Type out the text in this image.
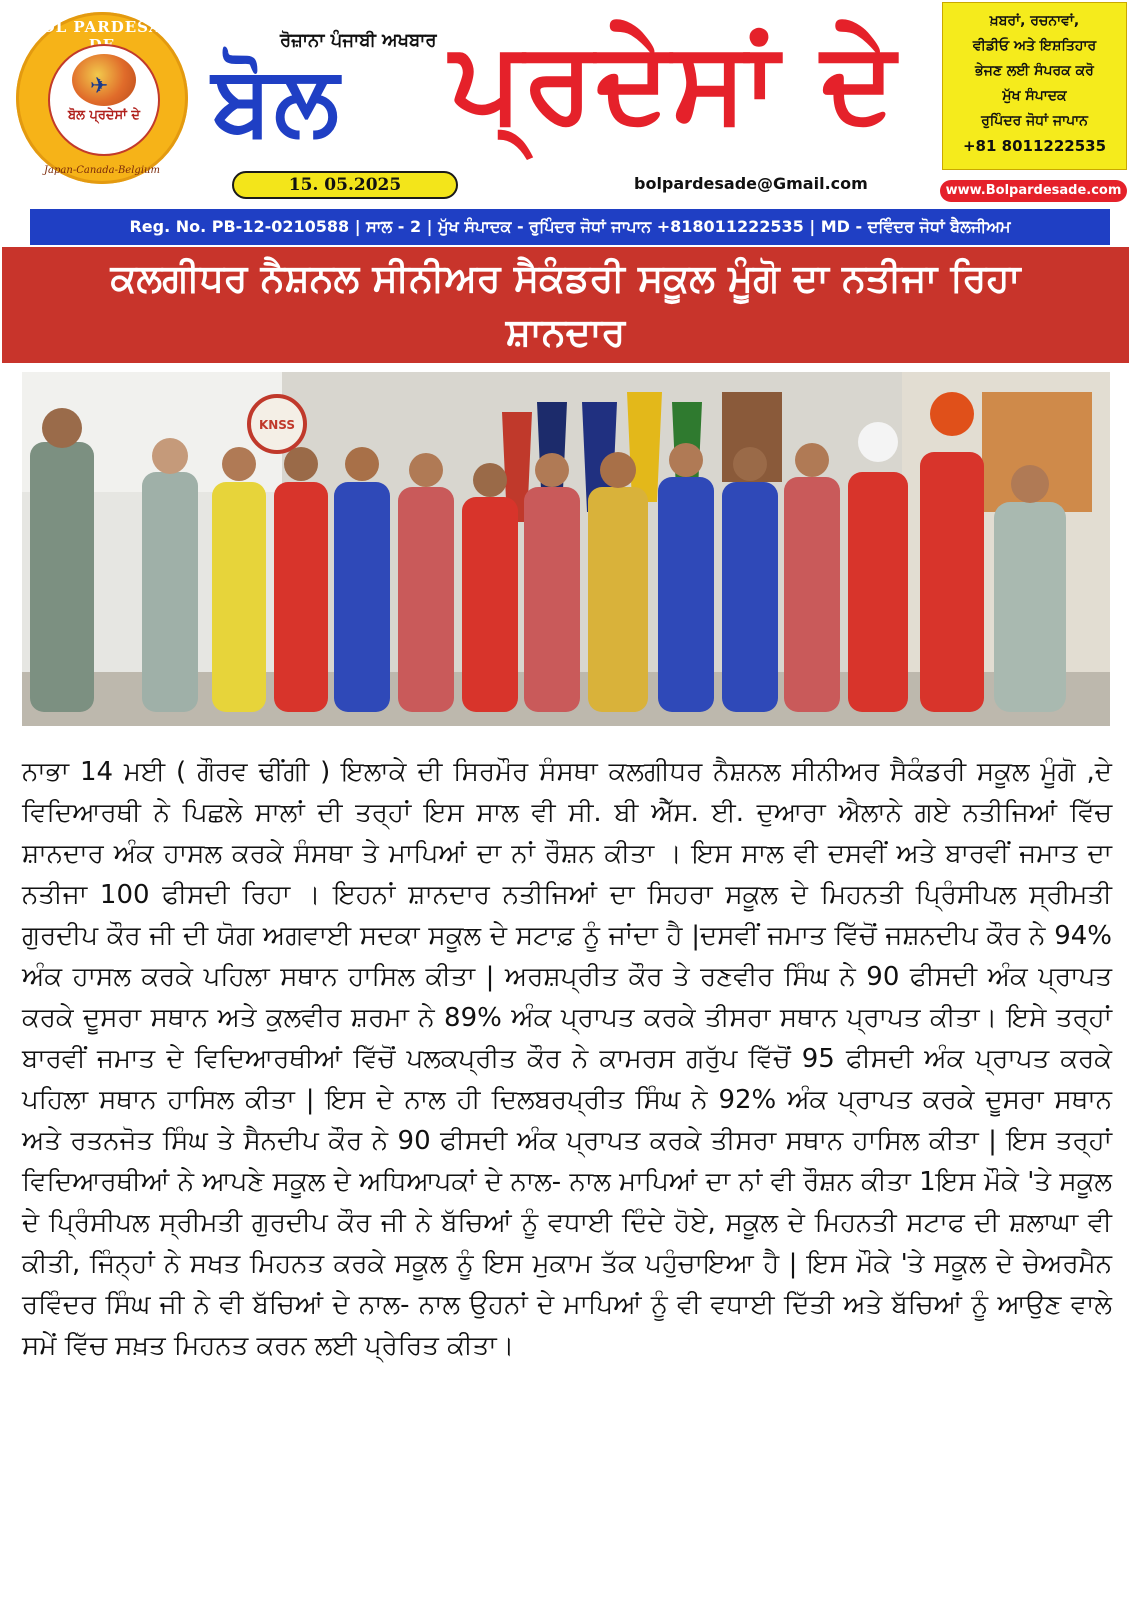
BOL PARDESAN
✈
ਬੋਲ ਪ੍ਰਦੇਸਾਂ ਦੇ
Japan-Canada-Belgium
ਰੋਜ਼ਾਨਾ ਪੰਜਾਬੀ ਅਖਬਾਰ
ਬੋਲ ਪ੍ਰਦੇਸਾਂ ਦੇ
15. 05.2025	bolpardesade@Gmail.com
ਖ਼ਬਰਾਂ, ਰਚਨਾਵਾਂ,
ਵੀਡੀਓ ਅਤੇ ਇਸ਼ਤਿਹਾਰ
ਭੇਜਣ ਲਈ ਸੰਪਰਕ ਕਰੋ
ਮੁੱਖ ਸੰਪਾਦਕ
ਰੁਪਿੰਦਰ ਜੋਧਾਂ ਜਾਪਾਨ
+81 8011222535
www.Bolpardesade.com
Reg. No. PB-12-0210588 | ਸਾਲ - 2 | ਮੁੱਖ ਸੰਪਾਦਕ - ਰੁਪਿੰਦਰ ਜੋਧਾਂ ਜਾਪਾਨ +818011222535 | MD - ਦਵਿੰਦਰ ਜੋਧਾਂ ਬੈਲਜੀਅਮ
ਕਲਗੀਧਰ ਨੈਸ਼ਨਲ ਸੀਨੀਅਰ ਸੈਕੰਡਰੀ ਸਕੂਲ ਮੂੰਗੋ ਦਾ ਨਤੀਜਾ ਰਿਹਾ ਸ਼ਾਨਦਾਰ
KNSS
ਨਾਭਾ 14 ਮਈ ( ਗੌਰਵ ਢੀਂਗੀ ) ਇਲਾਕੇ ਦੀ ਸਿਰਮੌਰ ਸੰਸਥਾ ਕਲਗੀਧਰ ਨੈਸ਼ਨਲ ਸੀਨੀਅਰ ਸੈਕੰਡਰੀ ਸਕੂਲ ਮੂੰਗੋ ,ਦੇ ਵਿਦਿਆਰਥੀ ਨੇ ਪਿਛਲੇ ਸਾਲਾਂ ਦੀ ਤਰ੍ਹਾਂ ਇਸ ਸਾਲ ਵੀ ਸੀ. ਬੀ ਐੱਸ. ਈ. ਦੁਆਰਾ ਐਲਾਨੇ ਗਏ ਨਤੀਜਿਆਂ ਵਿੱਚ ਸ਼ਾਨਦਾਰ ਅੰਕ ਹਾਸਲ ਕਰਕੇ ਸੰਸਥਾ ਤੇ ਮਾਪਿਆਂ ਦਾ ਨਾਂ ਰੌਸ਼ਨ ਕੀਤਾ । ਇਸ ਸਾਲ ਵੀ ਦਸਵੀਂ ਅਤੇ ਬਾਰਵੀਂ ਜਮਾਤ ਦਾ ਨਤੀਜਾ 100 ਫੀਸਦੀ ਰਿਹਾ । ਇਹਨਾਂ ਸ਼ਾਨਦਾਰ ਨਤੀਜਿਆਂ ਦਾ ਸਿਹਰਾ ਸਕੂਲ ਦੇ ਮਿਹਨਤੀ ਪ੍ਰਿੰਸੀਪਲ ਸ੍ਰੀਮਤੀ ਗੁਰਦੀਪ ਕੌਰ ਜੀ ਦੀ ਯੋਗ ਅਗਵਾਈ ਸਦਕਾ ਸਕੂਲ ਦੇ ਸਟਾਫ਼ ਨੂੰ ਜਾਂਦਾ ਹੈ |ਦਸਵੀਂ ਜਮਾਤ ਵਿੱਚੋਂ ਜਸ਼ਨਦੀਪ ਕੌਰ ਨੇ 94% ਅੰਕ ਹਾਸਲ ਕਰਕੇ ਪਹਿਲਾ ਸਥਾਨ ਹਾਸਿਲ ਕੀਤਾ | ਅਰਸ਼ਪ੍ਰੀਤ ਕੌਰ ਤੇ ਰਣਵੀਰ ਸਿੰਘ ਨੇ 90 ਫੀਸਦੀ ਅੰਕ ਪ੍ਰਾਪਤ ਕਰਕੇ ਦੂਸਰਾ ਸਥਾਨ ਅਤੇ ਕੁਲਵੀਰ ਸ਼ਰਮਾ ਨੇ 89% ਅੰਕ ਪ੍ਰਾਪਤ ਕਰਕੇ ਤੀਸਰਾ ਸਥਾਨ ਪ੍ਰਾਪਤ ਕੀਤਾ। ਇਸੇ ਤਰ੍ਹਾਂ ਬਾਰਵੀਂ ਜਮਾਤ ਦੇ ਵਿਦਿਆਰਥੀਆਂ ਵਿੱਚੋਂ ਪਲਕਪ੍ਰੀਤ ਕੌਰ ਨੇ ਕਾਮਰਸ ਗਰੁੱਪ ਵਿੱਚੋਂ 95 ਫੀਸਦੀ ਅੰਕ ਪ੍ਰਾਪਤ ਕਰਕੇ ਪਹਿਲਾ ਸਥਾਨ ਹਾਸਿਲ ਕੀਤਾ | ਇਸ ਦੇ ਨਾਲ ਹੀ ਦਿਲਬਰਪ੍ਰੀਤ ਸਿੰਘ ਨੇ 92% ਅੰਕ ਪ੍ਰਾਪਤ ਕਰਕੇ ਦੂਸਰਾ ਸਥਾਨ ਅਤੇ ਰਤਨਜੋਤ ਸਿੰਘ ਤੇ ਸੈਨਦੀਪ ਕੌਰ ਨੇ 90 ਫੀਸਦੀ ਅੰਕ ਪ੍ਰਾਪਤ ਕਰਕੇ ਤੀਸਰਾ ਸਥਾਨ ਹਾਸਿਲ ਕੀਤਾ | ਇਸ ਤਰ੍ਹਾਂ ਵਿਦਿਆਰਥੀਆਂ ਨੇ ਆਪਣੇ ਸਕੂਲ ਦੇ ਅਧਿਆਪਕਾਂ ਦੇ ਨਾਲ- ਨਾਲ ਮਾਪਿਆਂ ਦਾ ਨਾਂ ਵੀ ਰੌਸ਼ਨ ਕੀਤਾ 1ਇਸ ਮੌਕੇ 'ਤੇ ਸਕੂਲ ਦੇ ਪ੍ਰਿੰਸੀਪਲ ਸ੍ਰੀਮਤੀ ਗੁਰਦੀਪ ਕੌਰ ਜੀ ਨੇ ਬੱਚਿਆਂ ਨੂੰ ਵਧਾਈ ਦਿੰਦੇ ਹੋਏ, ਸਕੂਲ ਦੇ ਮਿਹਨਤੀ ਸਟਾਫ ਦੀ ਸ਼ਲਾਘਾ ਵੀ ਕੀਤੀ, ਜਿੰਨ੍ਹਾਂ ਨੇ ਸਖਤ ਮਿਹਨਤ ਕਰਕੇ ਸਕੂਲ ਨੂੰ ਇਸ ਮੁਕਾਮ ਤੱਕ ਪਹੁੰਚਾਇਆ ਹੈ | ਇਸ ਮੌਕੇ 'ਤੇ ਸਕੂਲ ਦੇ ਚੇਅਰਮੈਨ ਰਵਿੰਦਰ ਸਿੰਘ ਜੀ ਨੇ ਵੀ ਬੱਚਿਆਂ ਦੇ ਨਾਲ- ਨਾਲ ਉਹਨਾਂ ਦੇ ਮਾਪਿਆਂ ਨੂੰ ਵੀ ਵਧਾਈ ਦਿੱਤੀ ਅਤੇ ਬੱਚਿਆਂ ਨੂੰ ਆਉਣ ਵਾਲੇ ਸਮੇਂ ਵਿੱਚ ਸਖ਼ਤ ਮਿਹਨਤ ਕਰਨ ਲਈ ਪ੍ਰੇਰਿਤ ਕੀਤਾ।
